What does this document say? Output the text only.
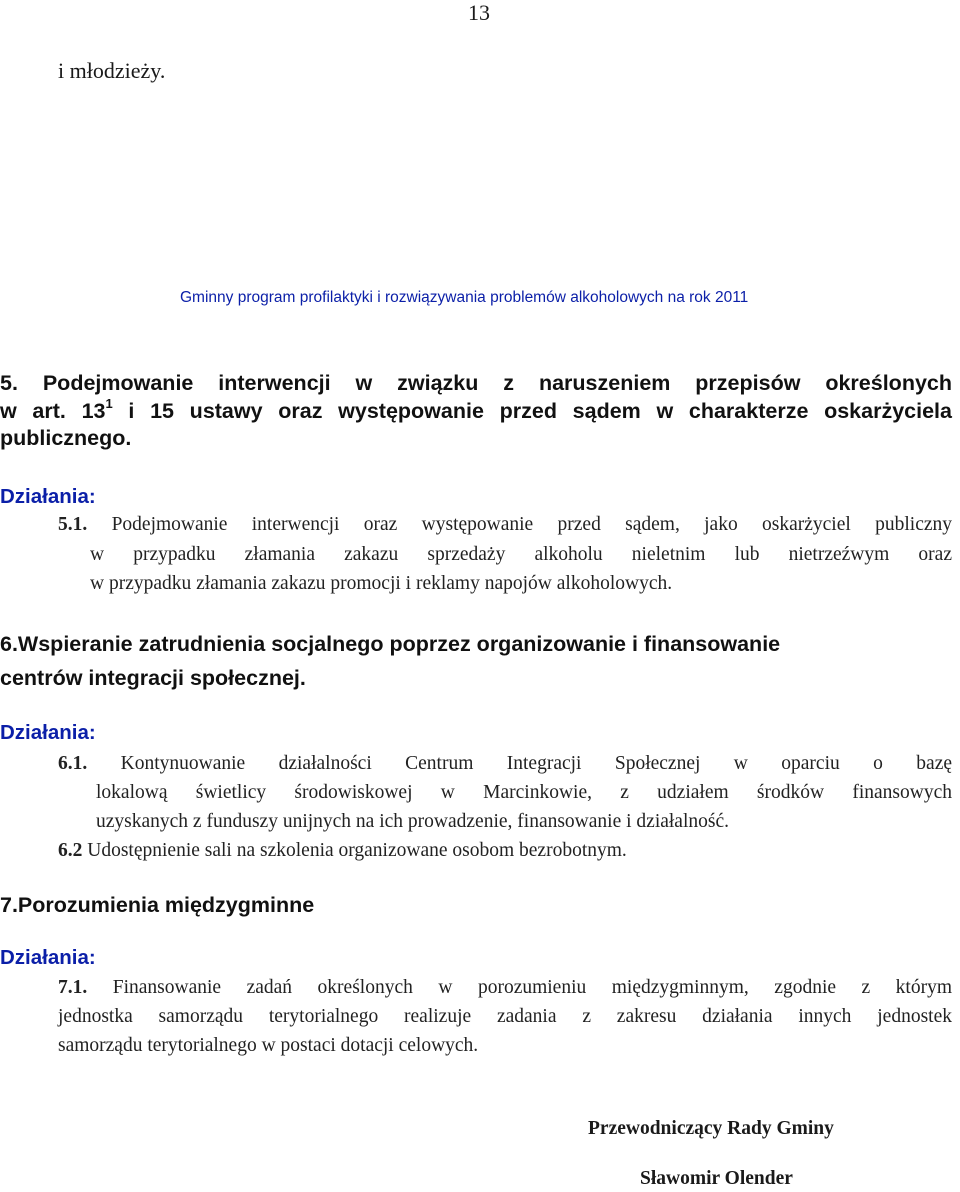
13
i młodzieży.
Gminny program profilaktyki i rozwiązywania problemów alkoholowych na rok 2011
5. Podejmowanie interwencji w związku z naruszeniem przepisów określonych
w art. $13^1$ i 15 ustawy oraz występowanie przed sądem w charakterze oskarżyciela
publicznego.
Działania:
5.1. Podejmowanie interwencji oraz występowanie przed sądem, jako oskarżyciel publiczny
w przypadku złamania zakazu sprzedaży alkoholu nieletnim lub nietrzeźwym oraz
w przypadku złamania zakazu promocji i reklamy napojów alkoholowych.
6.Wspieranie zatrudnienia socjalnego poprzez organizowanie i finansowanie
centrów integracji społecznej.
Działania:
6.1. Kontynuowanie działalności Centrum Integracji Społecznej w oparciu o bazę
lokalową świetlicy środowiskowej w Marcinkowie, z udziałem środków finansowych
uzyskanych z funduszy unijnych na ich prowadzenie, finansowanie i działalność.
6.2 Udostępnienie sali na szkolenia organizowane osobom bezrobotnym.
7.Porozumienia międzygminne
Działania:
7.1. Finansowanie zadań określonych w porozumieniu międzygminnym, zgodnie z którym
jednostka samorządu terytorialnego realizuje zadania z zakresu działania innych jednostek
samorządu terytorialnego w postaci dotacji celowych.
Przewodniczący Rady Gminy
Sławomir Olender
